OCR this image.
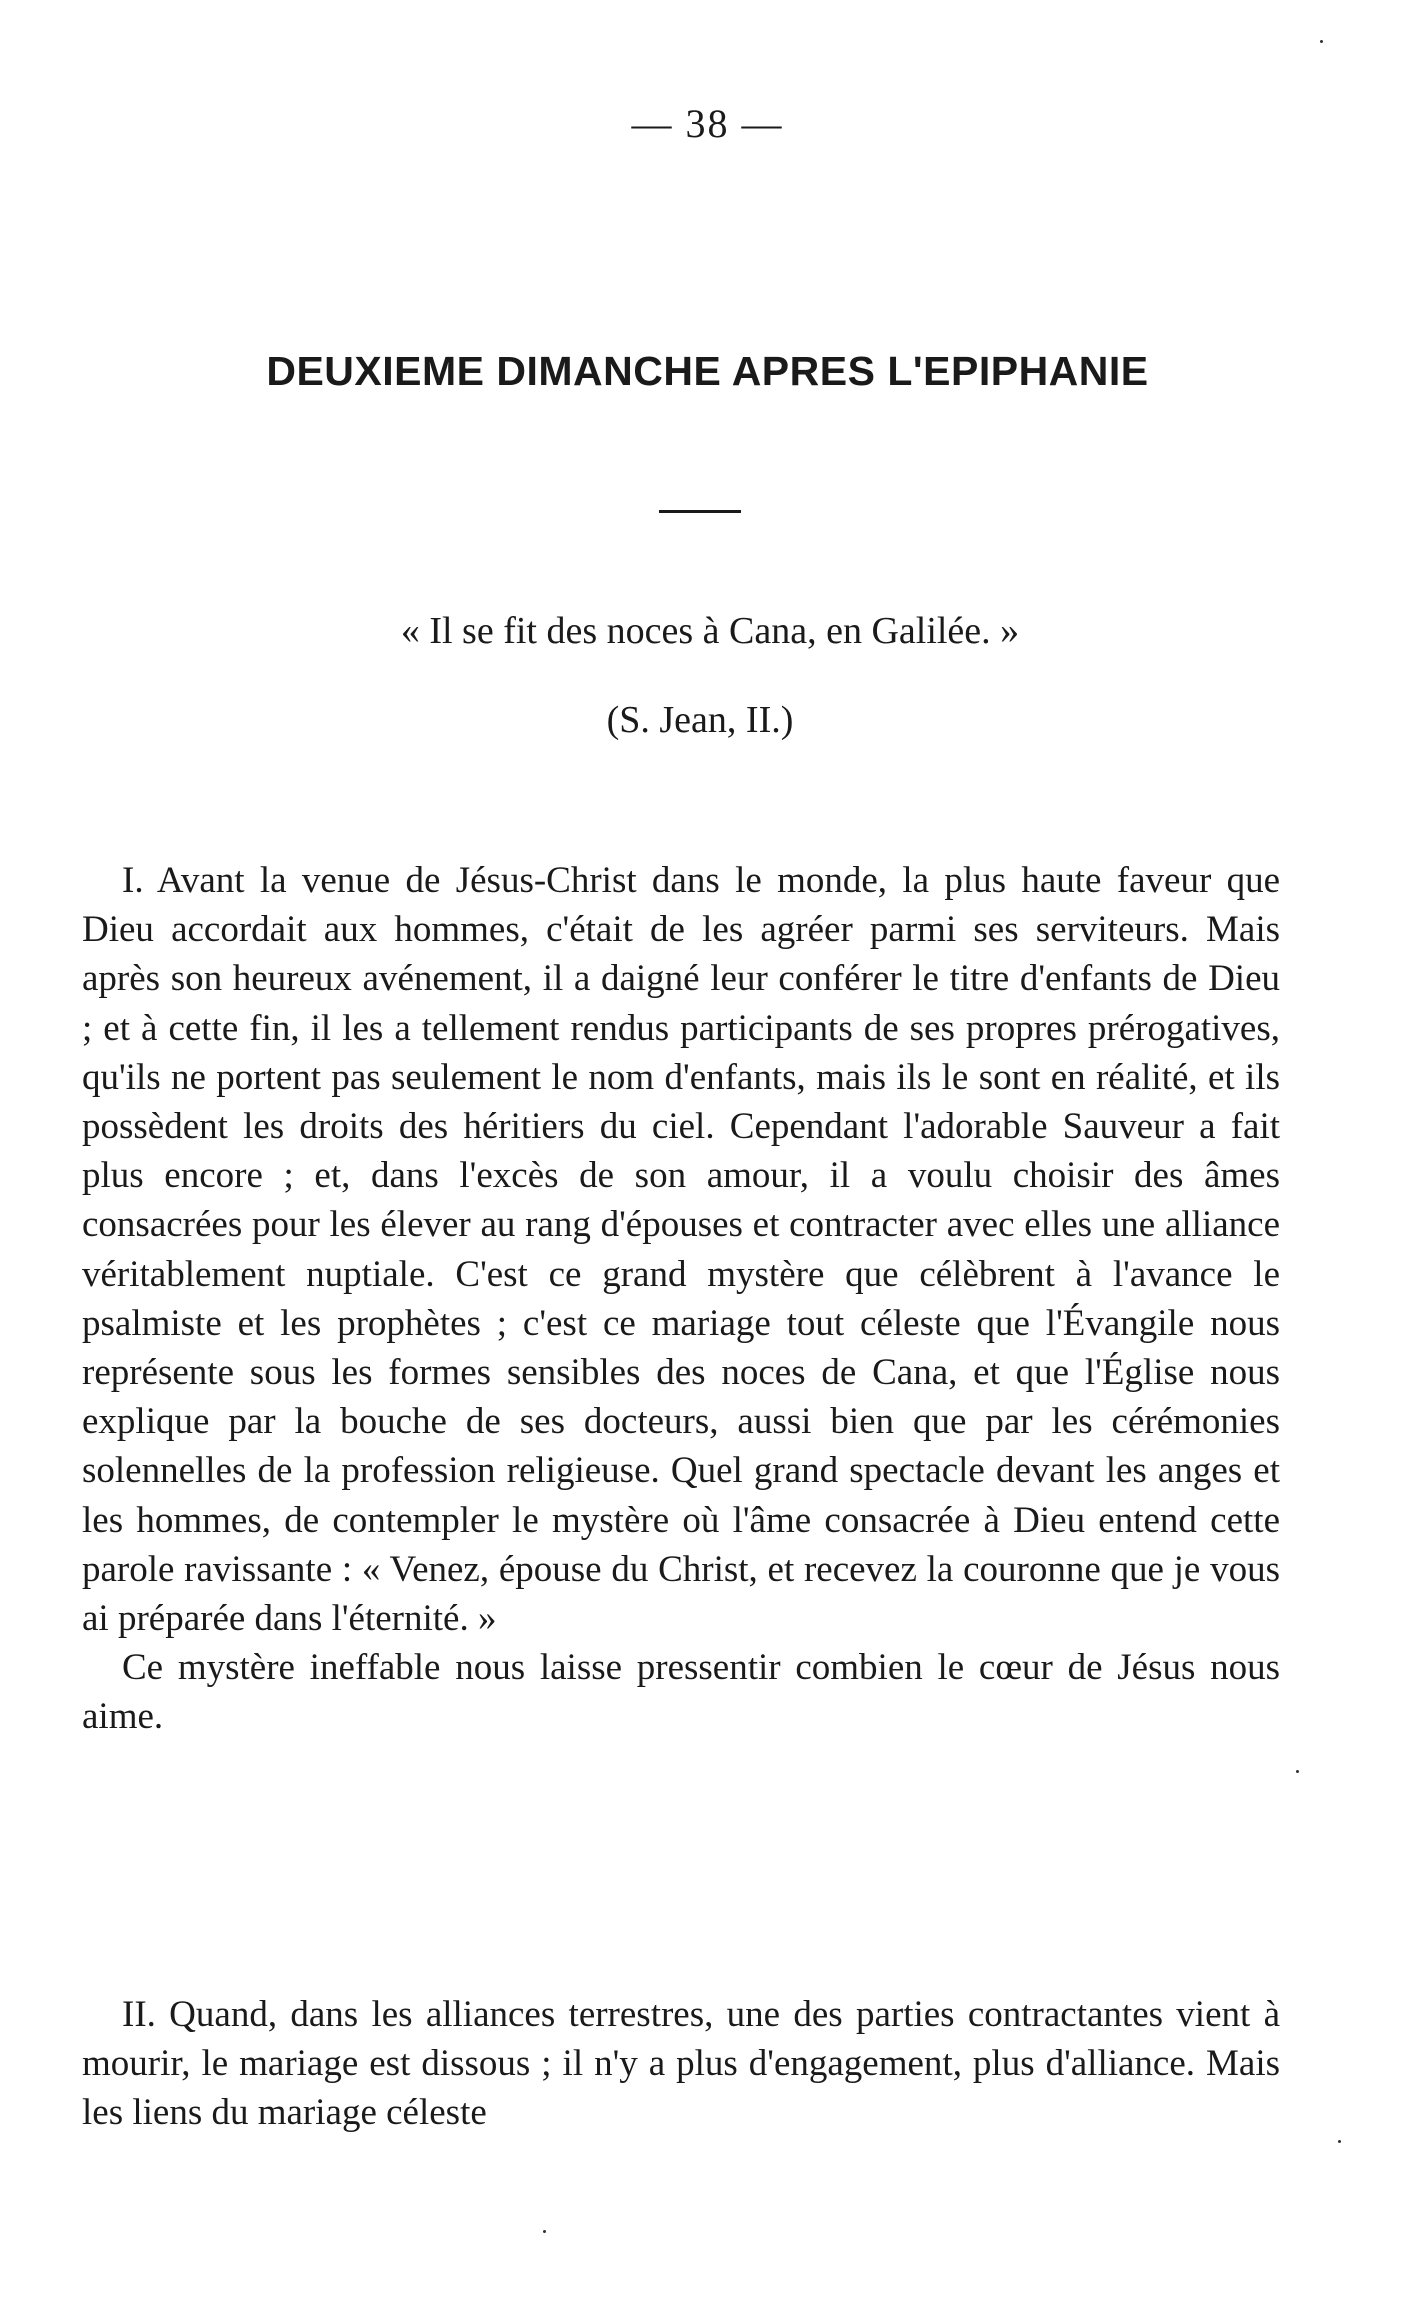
— 38 —
DEUXIEME DIMANCHE APRES L'EPIPHANIE
« Il se fit des noces à Cana, en Galilée. »
(S. Jean, II.)

I. Avant la venue de Jésus-Christ dans le monde, la plus haute faveur que Dieu accordait aux hommes, c'était de les agréer parmi ses serviteurs. Mais après son heureux avénement, il a daigné leur conférer le titre d'enfants de Dieu ; et à cette fin, il les a tellement rendus participants de ses propres prérogatives, qu'ils ne portent pas seulement le nom d'enfants, mais ils le sont en réalité, et ils possèdent les droits des héritiers du ciel. Cependant l'adorable Sauveur a fait plus encore ; et, dans l'excès de son amour, il a voulu choisir des âmes consacrées pour les élever au rang d'épouses et contracter avec elles une alliance véritablement nuptiale. C'est ce grand mystère que célèbrent à l'avance le psalmiste et les prophètes ; c'est ce mariage tout céleste que l'Évangile nous représente sous les formes sensibles des noces de Cana, et que l'Église nous explique par la bouche de ses docteurs, aussi bien que par les cérémonies solennelles de la profession religieuse. Quel grand spectacle devant les anges et les hommes, de contempler le mystère où l'âme consacrée à Dieu entend cette parole ravissante : « Venez, épouse du Christ, et recevez la couronne que je vous ai préparée dans l'éternité. »

Ce mystère ineffable nous laisse pressentir combien le cœur de Jésus nous aime.

II. Quand, dans les alliances terrestres, une des parties contractantes vient à mourir, le mariage est dissous ; il n'y a plus d'engagement, plus d'alliance. Mais les liens du mariage céleste
